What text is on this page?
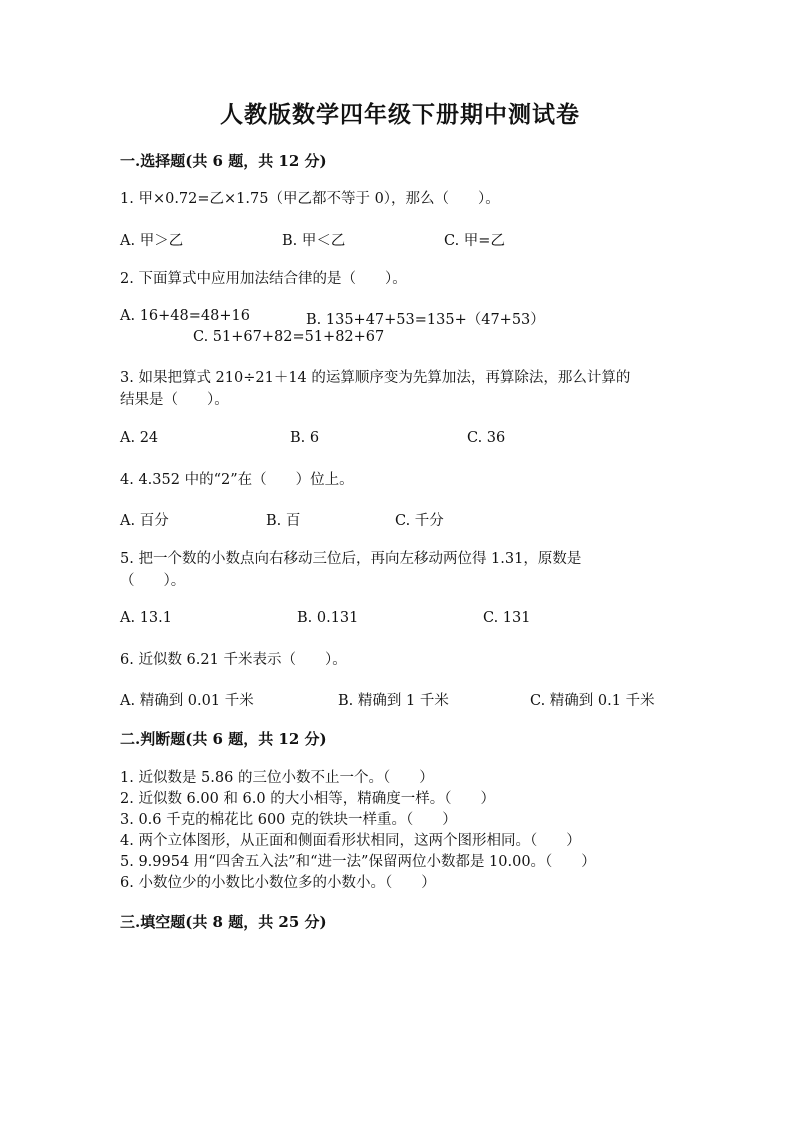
人教版数学四年级下册期中测试卷
一.选择题(共 6 题，共 12 分)
1. 甲×0.72=乙×1.75（甲乙都不等于 0），那么（　　）。
A. 甲＞乙	B. 甲＜乙	C. 甲=乙
2. 下面算式中应用加法结合律的是（　　）。
A. 16+48=48+16	B. 135+47+53=135+（47+53）
C. 51+67+82=51+82+67
3. 如果把算式 210÷21＋14 的运算顺序变为先算加法，再算除法，那么计算的
结果是（　　）。
A. 24	B. 6	C. 36
4. 4.352 中的“2”在（　　）位上。
A. 百分	B. 百	C. 千分
5. 把一个数的小数点向右移动三位后，再向左移动两位得 1.31，原数是
（　　）。
A. 13.1	B. 0.131	C. 131
6. 近似数 6.21 千米表示（　　）。
A. 精确到 0.01 千米	B. 精确到 1 千米	C. 精确到 0.1 千米
二.判断题(共 6 题，共 12 分)
1. 近似数是 5.86 的三位小数不止一个。（　　）
2. 近似数 6.00 和 6.0 的大小相等，精确度一样。（　　）
3. 0.6 千克的棉花比 600 克的铁块一样重。（　　）
4. 两个立体图形，从正面和侧面看形状相同，这两个图形相同。（　　）
5. 9.9954 用“四舍五入法”和“进一法”保留两位小数都是 10.00。（　　）
6. 小数位少的小数比小数位多的小数小。（　　）
三.填空题(共 8 题，共 25 分)
